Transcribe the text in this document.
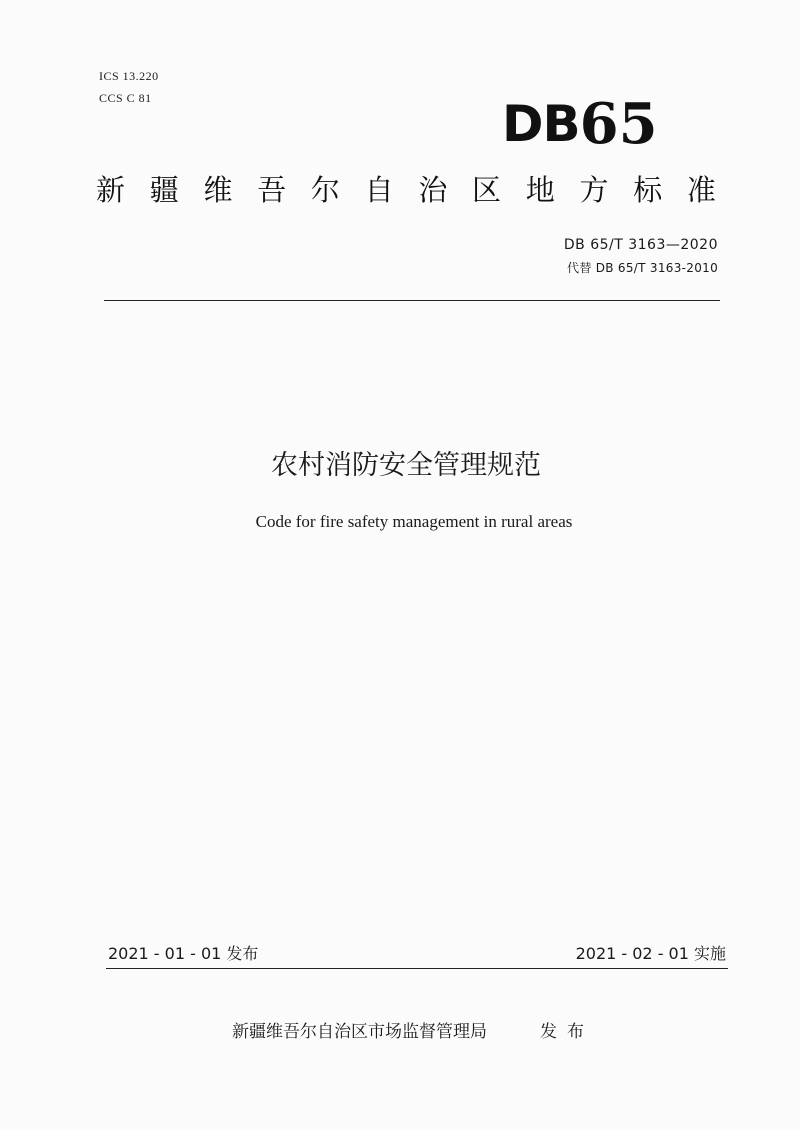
ICS 13.220
CCS C 81	DB65
新 疆 维 吾 尔 自 治 区 地 方 标 准
DB 65/T 3163—2020
代替 DB 65/T 3163-2010
农村消防安全管理规范
Code for fire safety management in rural areas
2021 - 01 - 01 发布	2021 - 02 - 01 实施
新疆维吾尔自治区市场监督管理局	发布
